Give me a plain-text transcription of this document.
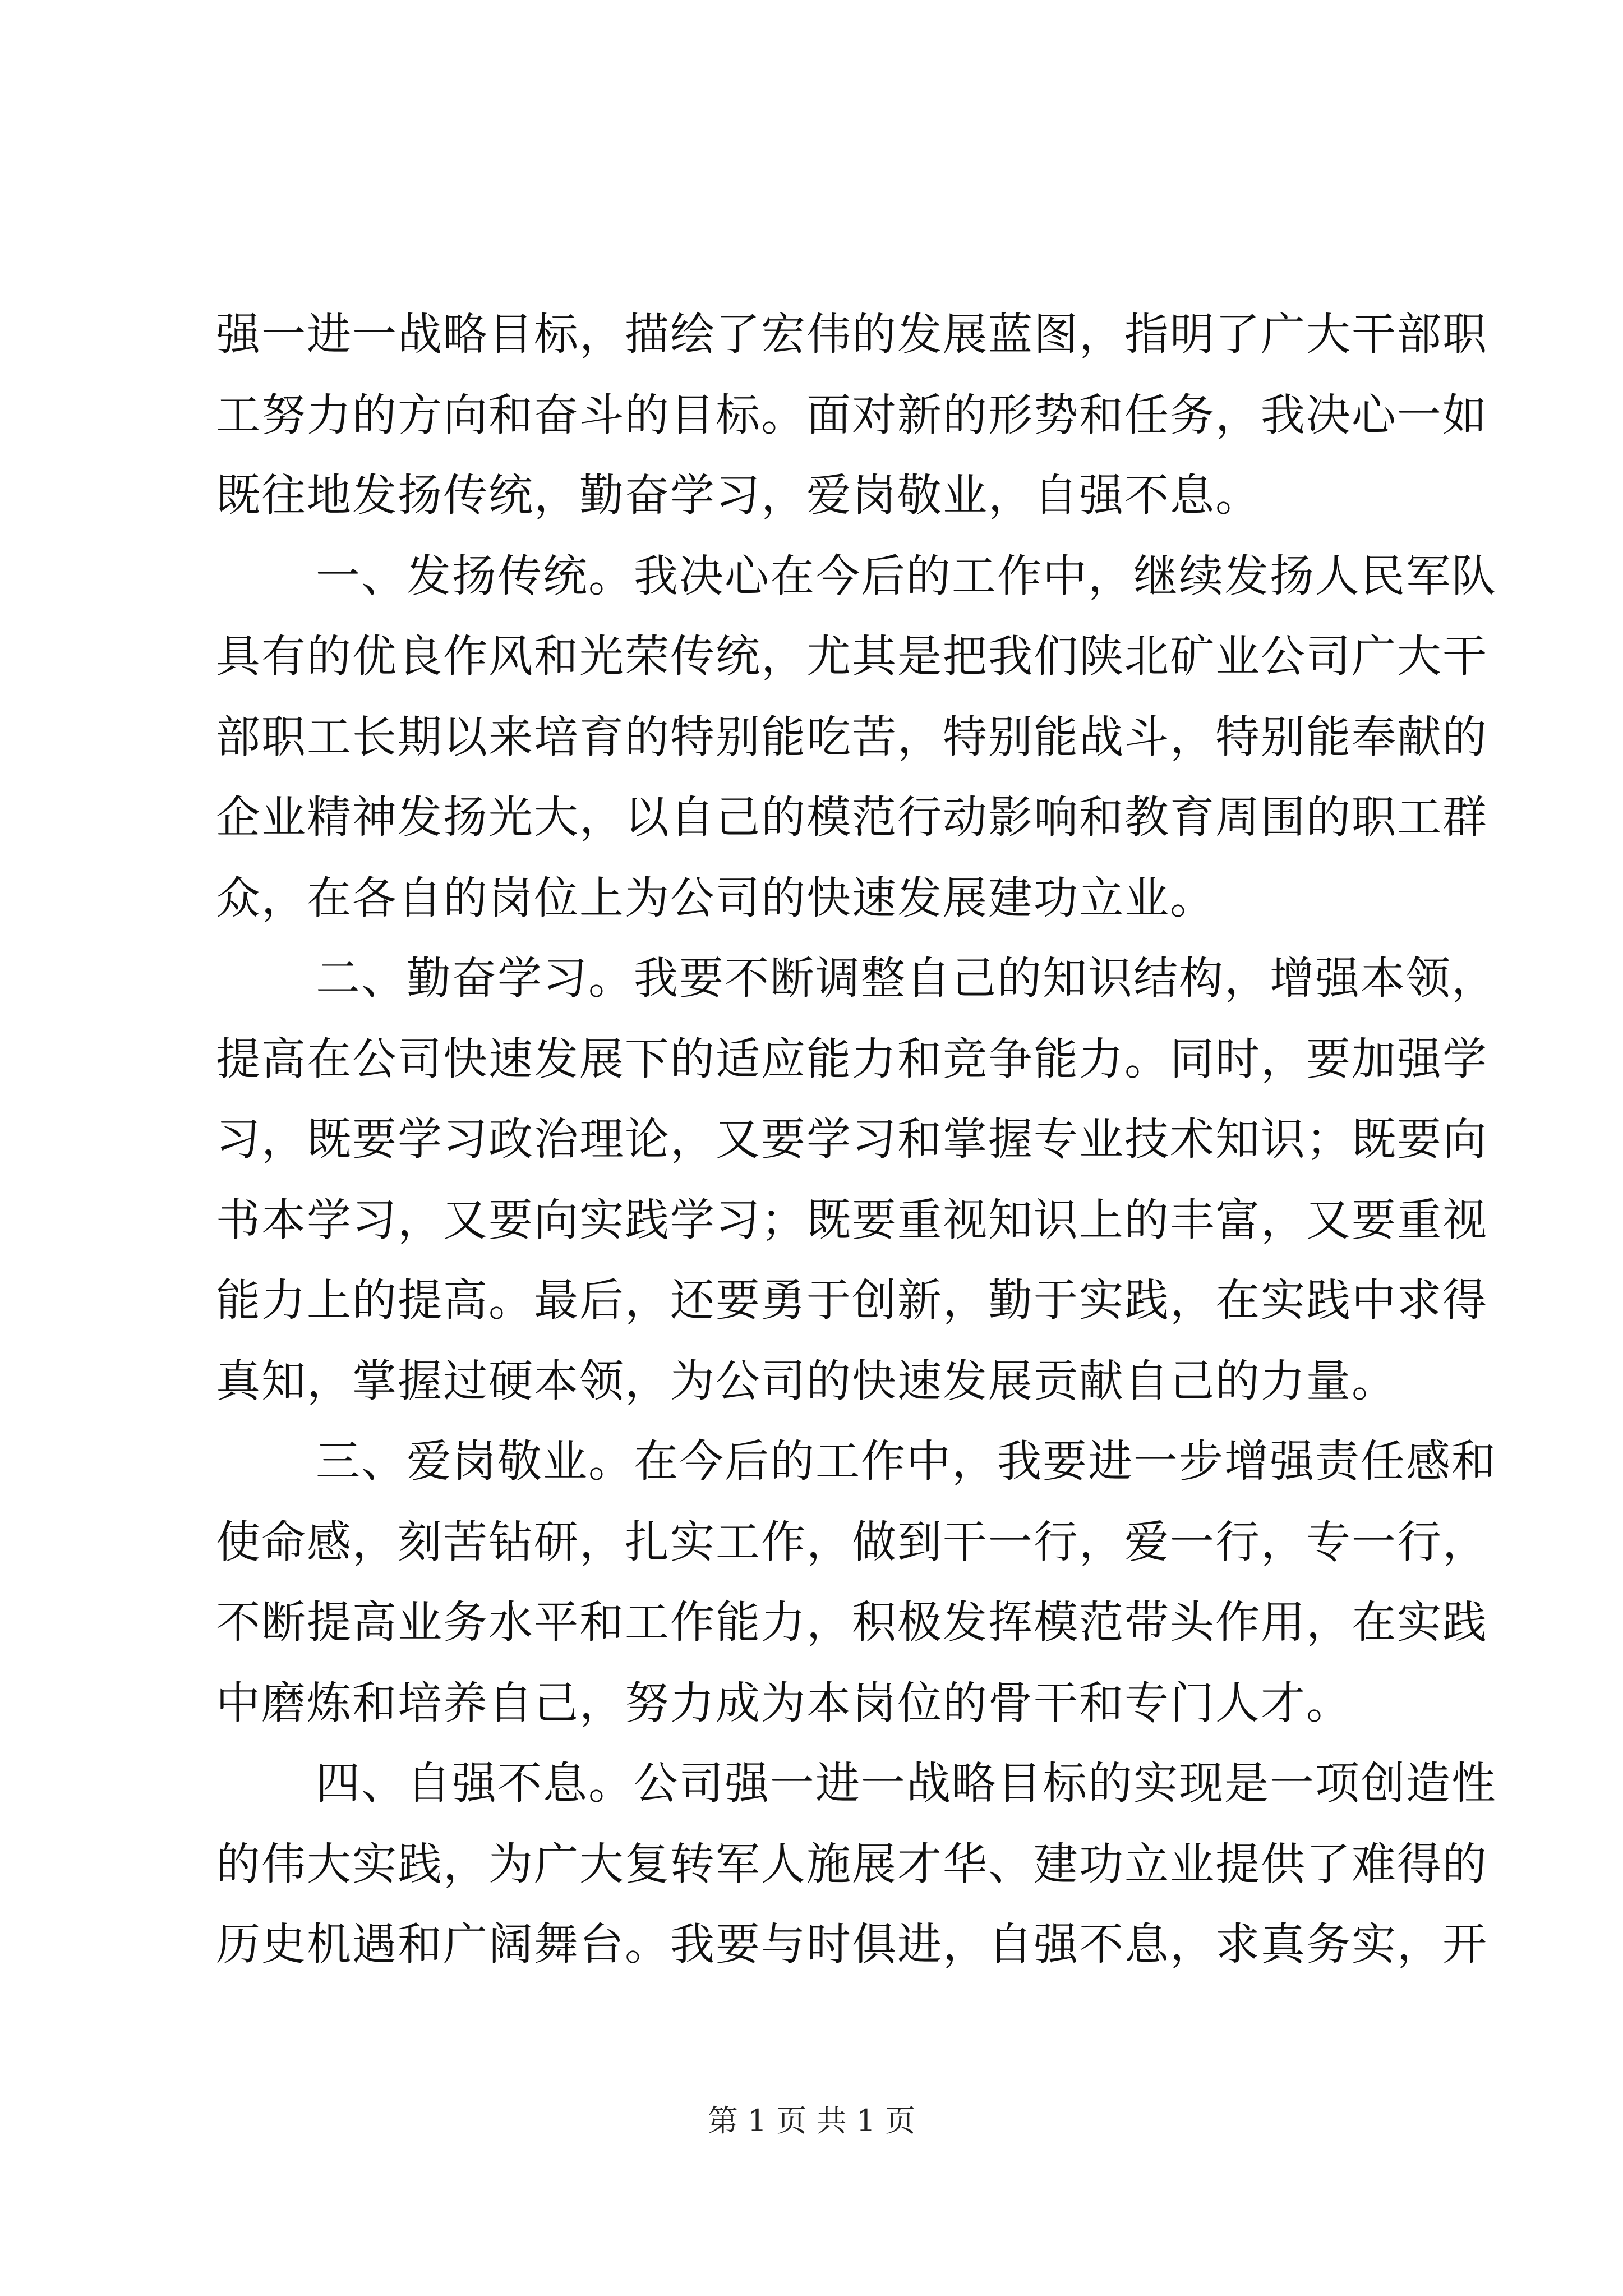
强一进一战略目标，描绘了宏伟的发展蓝图，指明了广大干部职
工努力的方向和奋斗的目标。面对新的形势和任务，我决心一如
既往地发扬传统，勤奋学习，爱岗敬业，自强不息。
一、发扬传统。我决心在今后的工作中，继续发扬人民军队
具有的优良作风和光荣传统，尤其是把我们陕北矿业公司广大干
部职工长期以来培育的特别能吃苦，特别能战斗，特别能奉献的
企业精神发扬光大，以自己的模范行动影响和教育周围的职工群
众，在各自的岗位上为公司的快速发展建功立业。
二、勤奋学习。我要不断调整自己的知识结构，增强本领，
提高在公司快速发展下的适应能力和竞争能力。同时，要加强学
习，既要学习政治理论，又要学习和掌握专业技术知识；既要向
书本学习，又要向实践学习；既要重视知识上的丰富，又要重视
能力上的提高。最后，还要勇于创新，勤于实践，在实践中求得
真知，掌握过硬本领，为公司的快速发展贡献自己的力量。
三、爱岗敬业。在今后的工作中，我要进一步增强责任感和
使命感，刻苦钻研，扎实工作，做到干一行，爱一行，专一行，
不断提高业务水平和工作能力，积极发挥模范带头作用，在实践
中磨炼和培养自己，努力成为本岗位的骨干和专门人才。
四、自强不息。公司强一进一战略目标的实现是一项创造性
的伟大实践，为广大复转军人施展才华、建功立业提供了难得的
历史机遇和广阔舞台。我要与时俱进，自强不息，求真务实，开
第 1 页 共 1 页
